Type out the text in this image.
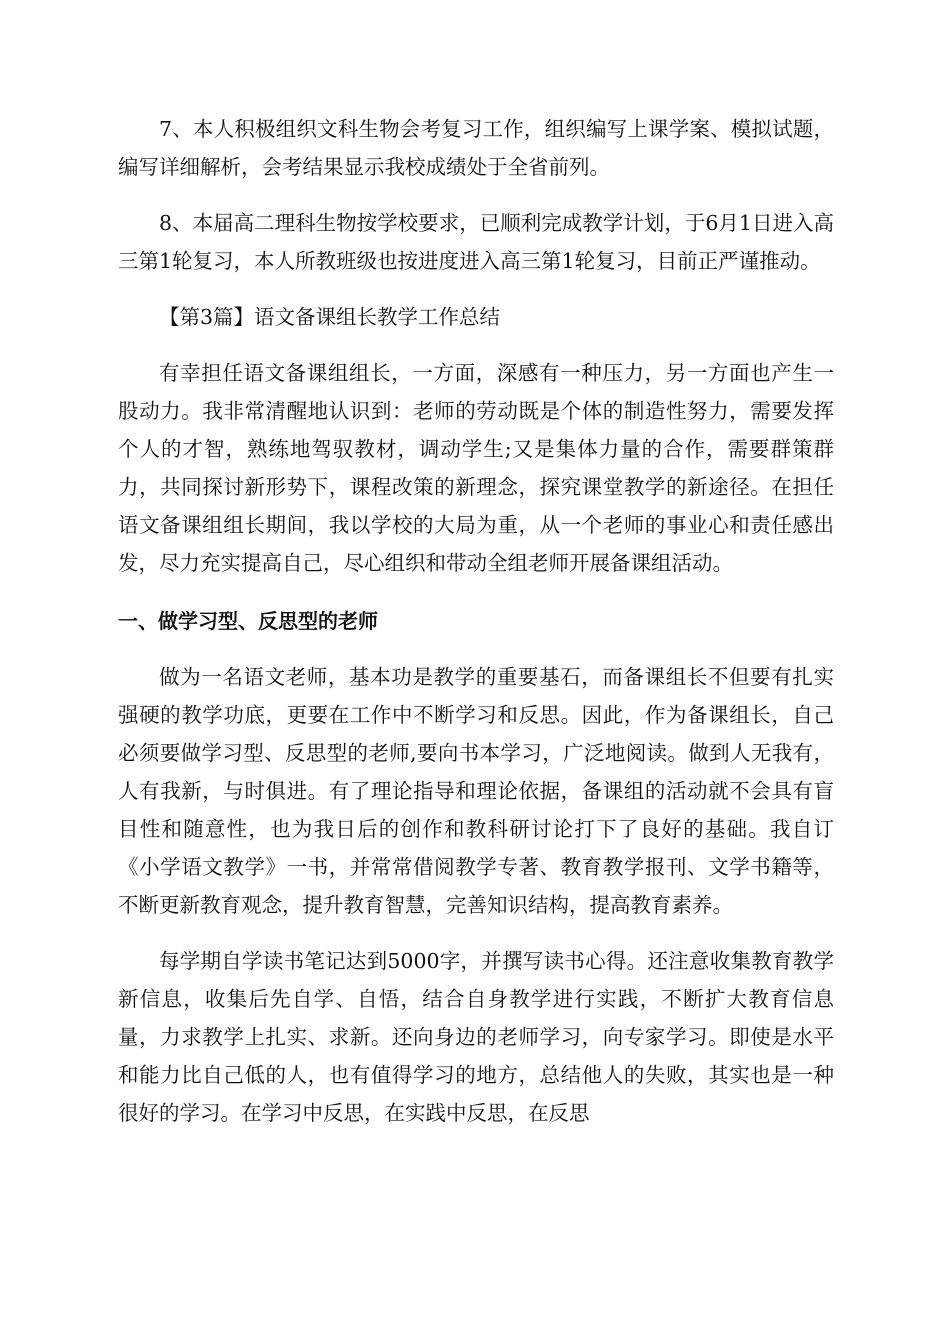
7、本人积极组织文科生物会考复习工作，组织编写上课学案、模拟试题，编写详细解析，会考结果显示我校成绩处于全省前列。

8、本届高二理科生物按学校要求，已顺利完成教学计划，于6月1日进入高三第1轮复习，本人所教班级也按进度进入高三第1轮复习，目前正严谨推动。

【第3篇】语文备课组长教学工作总结

有幸担任语文备课组组长，一方面，深感有一种压力，另一方面也产生一股动力。我非常清醒地认识到：老师的劳动既是个体的制造性努力，需要发挥个人的才智，熟练地驾驭教材，调动学生;又是集体力量的合作，需要群策群力，共同探讨新形势下，课程改策的新理念，探究课堂教学的新途径。在担任语文备课组组长期间，我以学校的大局为重，从一个老师的事业心和责任感出发，尽力充实提高自己，尽心组织和带动全组老师开展备课组活动。

一、做学习型、反思型的老师

做为一名语文老师，基本功是教学的重要基石，而备课组长不但要有扎实强硬的教学功底，更要在工作中不断学习和反思。因此，作为备课组长，自己必须要做学习型、反思型的老师,要向书本学习，广泛地阅读。做到人无我有，人有我新，与时俱进。有了理论指导和理论依据，备课组的活动就不会具有盲目性和随意性，也为我日后的创作和教科研讨论打下了良好的基础。我自订《小学语文教学》一书，并常常借阅教学专著、教育教学报刊、文学书籍等，不断更新教育观念，提升教育智慧，完善知识结构，提高教育素养。

每学期自学读书笔记达到5000字，并撰写读书心得。还注意收集教育教学新信息，收集后先自学、自悟，结合自身教学进行实践，不断扩大教育信息量，力求教学上扎实、求新。还向身边的老师学习，向专家学习。即使是水平和能力比自己低的人，也有值得学习的地方，总结他人的失败，其实也是一种很好的学习。在学习中反思，在实践中反思，在反思
